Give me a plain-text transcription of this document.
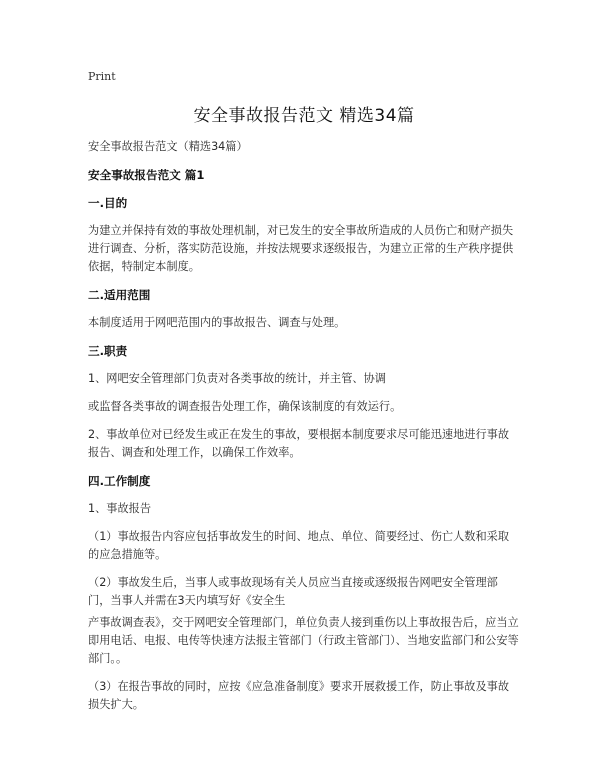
Print
安全事故报告范文 精选34篇

安全事故报告范文（精选34篇）

安全事故报告范文 篇1

一.目的

为建立并保持有效的事故处理机制，对已发生的安全事故所造成的人员伤亡和财产损失进行调查、分析，落实防范设施，并按法规要求逐级报告，为建立正常的生产秩序提供依据，特制定本制度。

二.适用范围

本制度适用于网吧范围内的事故报告、调查与处理。

三.职责

1、网吧安全管理部门负责对各类事故的统计，并主管、协调

或监督各类事故的调查报告处理工作，确保该制度的有效运行。

2、事故单位对已经发生或正在发生的事故，要根据本制度要求尽可能迅速地进行事故报告、调查和处理工作，以确保工作效率。

四.工作制度

1、事故报告

（1）事故报告内容应包括事故发生的时间、地点、单位、简要经过、伤亡人数和采取的应急措施等。

（2）事故发生后，当事人或事故现场有关人员应当直接或逐级报告网吧安全管理部门，当事人并需在3天内填写好《安全生

产事故调查表》，交于网吧安全管理部门，单位负责人接到重伤以上事故报告后，应当立即用电话、电报、电传等快速方法报主管部门（行政主管部门）、当地安监部门和公安等部门。。

（3）在报告事故的同时，应按《应急准备制度》要求开展救援工作，防止事故及事故损失扩大。
